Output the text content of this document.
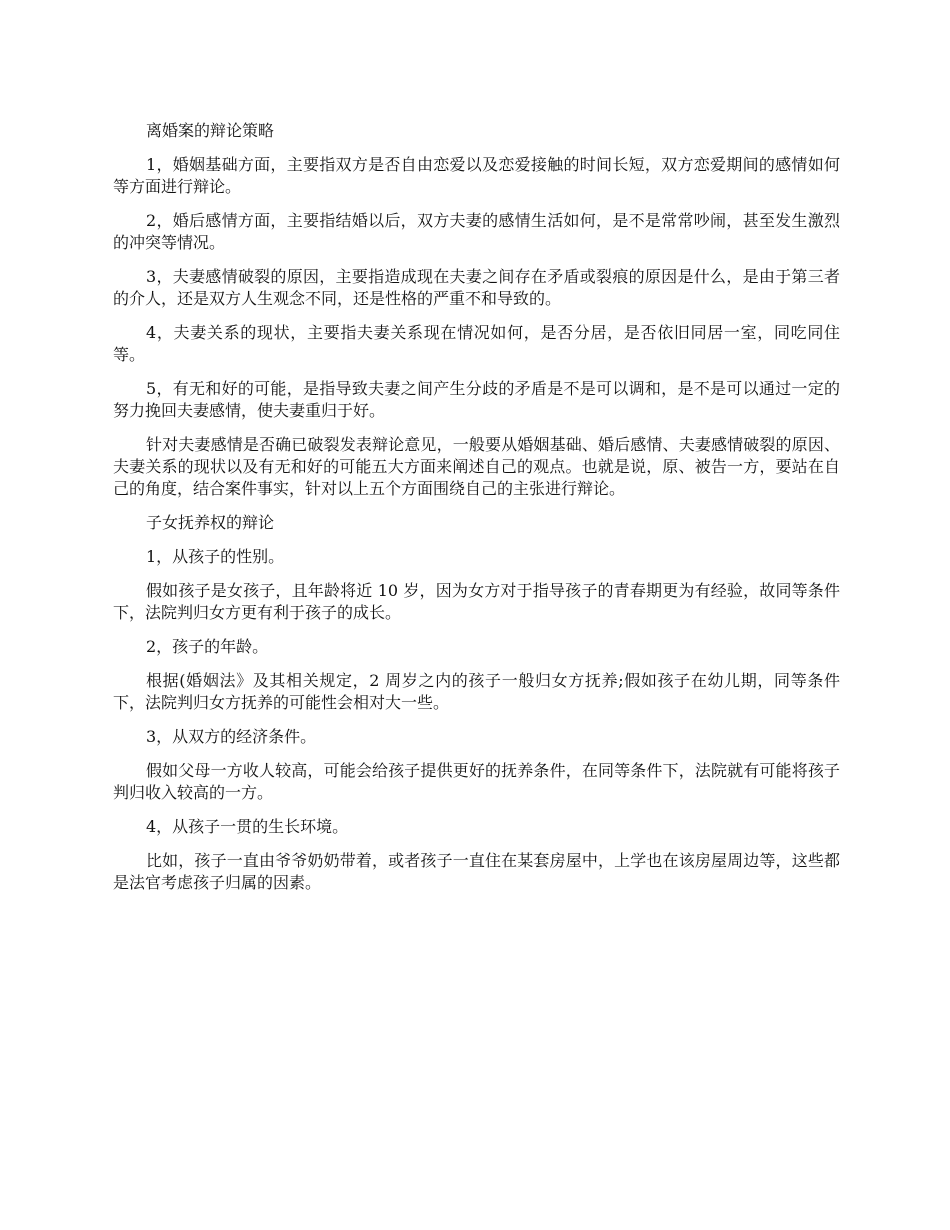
离婚案的辩论策略

1，婚姻基础方面，主要指双方是否自由恋爱以及恋爱接触的时间长短，双方恋爱期间的感情如何等方面进行辩论。

2，婚后感情方面，主要指结婚以后，双方夫妻的感情生活如何，是不是常常吵闹，甚至发生激烈的冲突等情况。

3，夫妻感情破裂的原因，主要指造成现在夫妻之间存在矛盾或裂痕的原因是什么，是由于第三者的介人，还是双方人生观念不同，还是性格的严重不和导致的。

4，夫妻关系的现状，主要指夫妻关系现在情况如何，是否分居，是否依旧同居一室，同吃同住等。

5，有无和好的可能，是指导致夫妻之间产生分歧的矛盾是不是可以调和，是不是可以通过一定的努力挽回夫妻感情，使夫妻重归于好。

针对夫妻感情是否确已破裂发表辩论意见，一般要从婚姻基础、婚后感情、夫妻感情破裂的原因、夫妻关系的现状以及有无和好的可能五大方面来阐述自己的观点。也就是说，原、被告一方，要站在自己的角度，结合案件事实，针对以上五个方面围绕自己的主张进行辩论。

子女抚养权的辩论

1，从孩子的性别。

假如孩子是女孩子，且年龄将近 10 岁，因为女方对于指导孩子的青春期更为有经验，故同等条件下，法院判归女方更有利于孩子的成长。

2，孩子的年龄。

根据(婚姻法》及其相关规定，2 周岁之内的孩子一般归女方抚养;假如孩子在幼儿期，同等条件下，法院判归女方抚养的可能性会相对大一些。

3，从双方的经济条件。

假如父母一方收人较高，可能会给孩子提供更好的抚养条件，在同等条件下，法院就有可能将孩子判归收入较高的一方。

4，从孩子一贯的生长环境。

比如，孩子一直由爷爷奶奶带着，或者孩子一直住在某套房屋中，上学也在该房屋周边等，这些都是法官考虑孩子归属的因素。
